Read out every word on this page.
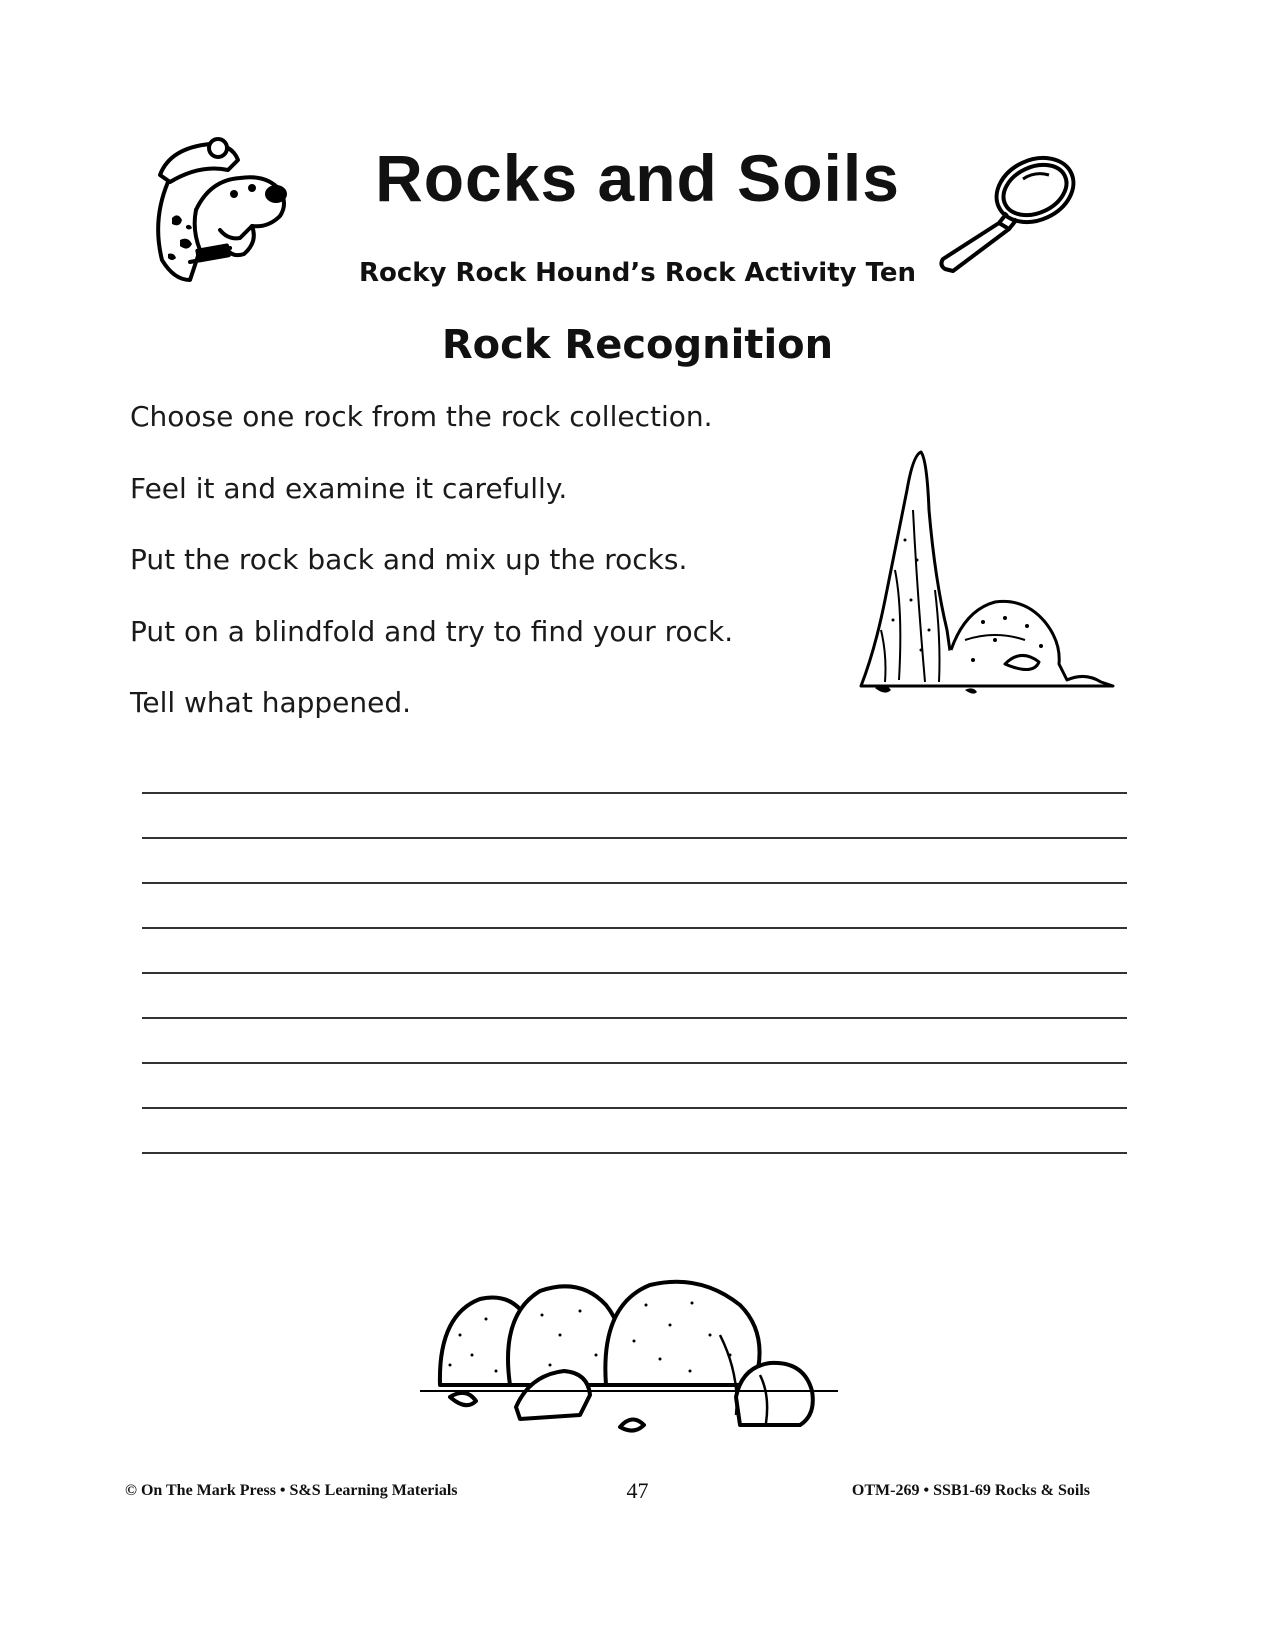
Rocks and Soils
Rocky Rock Hound’s Rock Activity Ten
Rock Recognition
Choose one rock from the rock collection.
Feel it and examine it carefully.
Put the rock back and mix up the rocks.
Put on a blindfold and try to find your rock.
Tell what happened.
© On The Mark Press • S&S Learning Materials	47	OTM-269 • SSB1-69 Rocks & Soils
